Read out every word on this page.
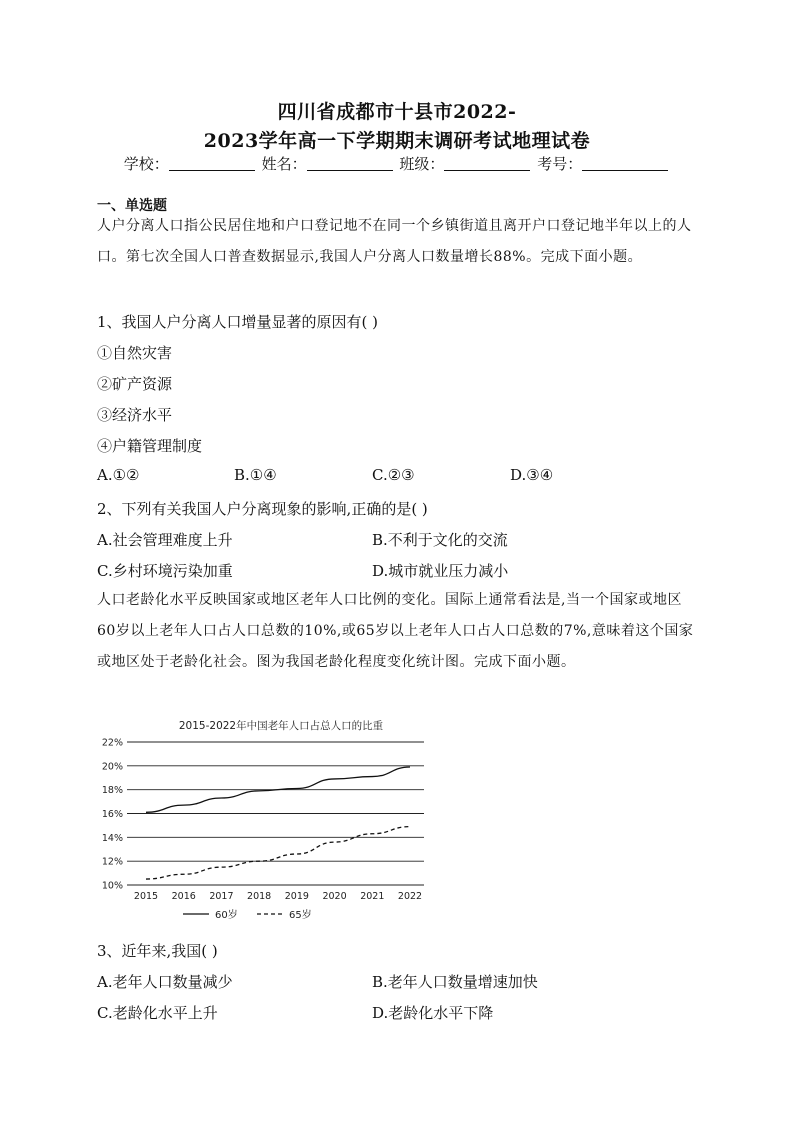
四川省成都市十县市2022-
2023学年高一下学期期末调研考试地理试卷
学校：	姓名：	班级：	考号：
一、单选题
人户分离人口指公民居住地和户口登记地不在同一个乡镇街道且离开户口登记地半年以上的人口。第七次全国人口普查数据显示,我国人户分离人口数量增长88%。完成下面小题。
1、我国人户分离人口增量显著的原因有( )
①自然灾害
②矿产资源
③经济水平
④户籍管理制度
A.①②	B.①④	C.②③	D.③④
2、下列有关我国人户分离现象的影响,正确的是( )
A.社会管理难度上升	B.不利于文化的交流
C.乡村环境污染加重	D.城市就业压力减小
人口老龄化水平反映国家或地区老年人口比例的变化。国际上通常看法是,当一个国家或地区60岁以上老年人口占人口总数的10%,或65岁以上老年人口占人口总数的7%,意味着这个国家或地区处于老龄化社会。图为我国老龄化程度变化统计图。完成下面小题。
2015-2022年中国老年人口占总人口的比重
10%
12%
14%
16%
18%
20%
22%
2015 2016 2017 2018 2019 2020 2021 2022
60岁	65岁
3、近年来,我国( )
A.老年人口数量减少	B.老年人口数量增速加快
C.老龄化水平上升	D.老龄化水平下降
